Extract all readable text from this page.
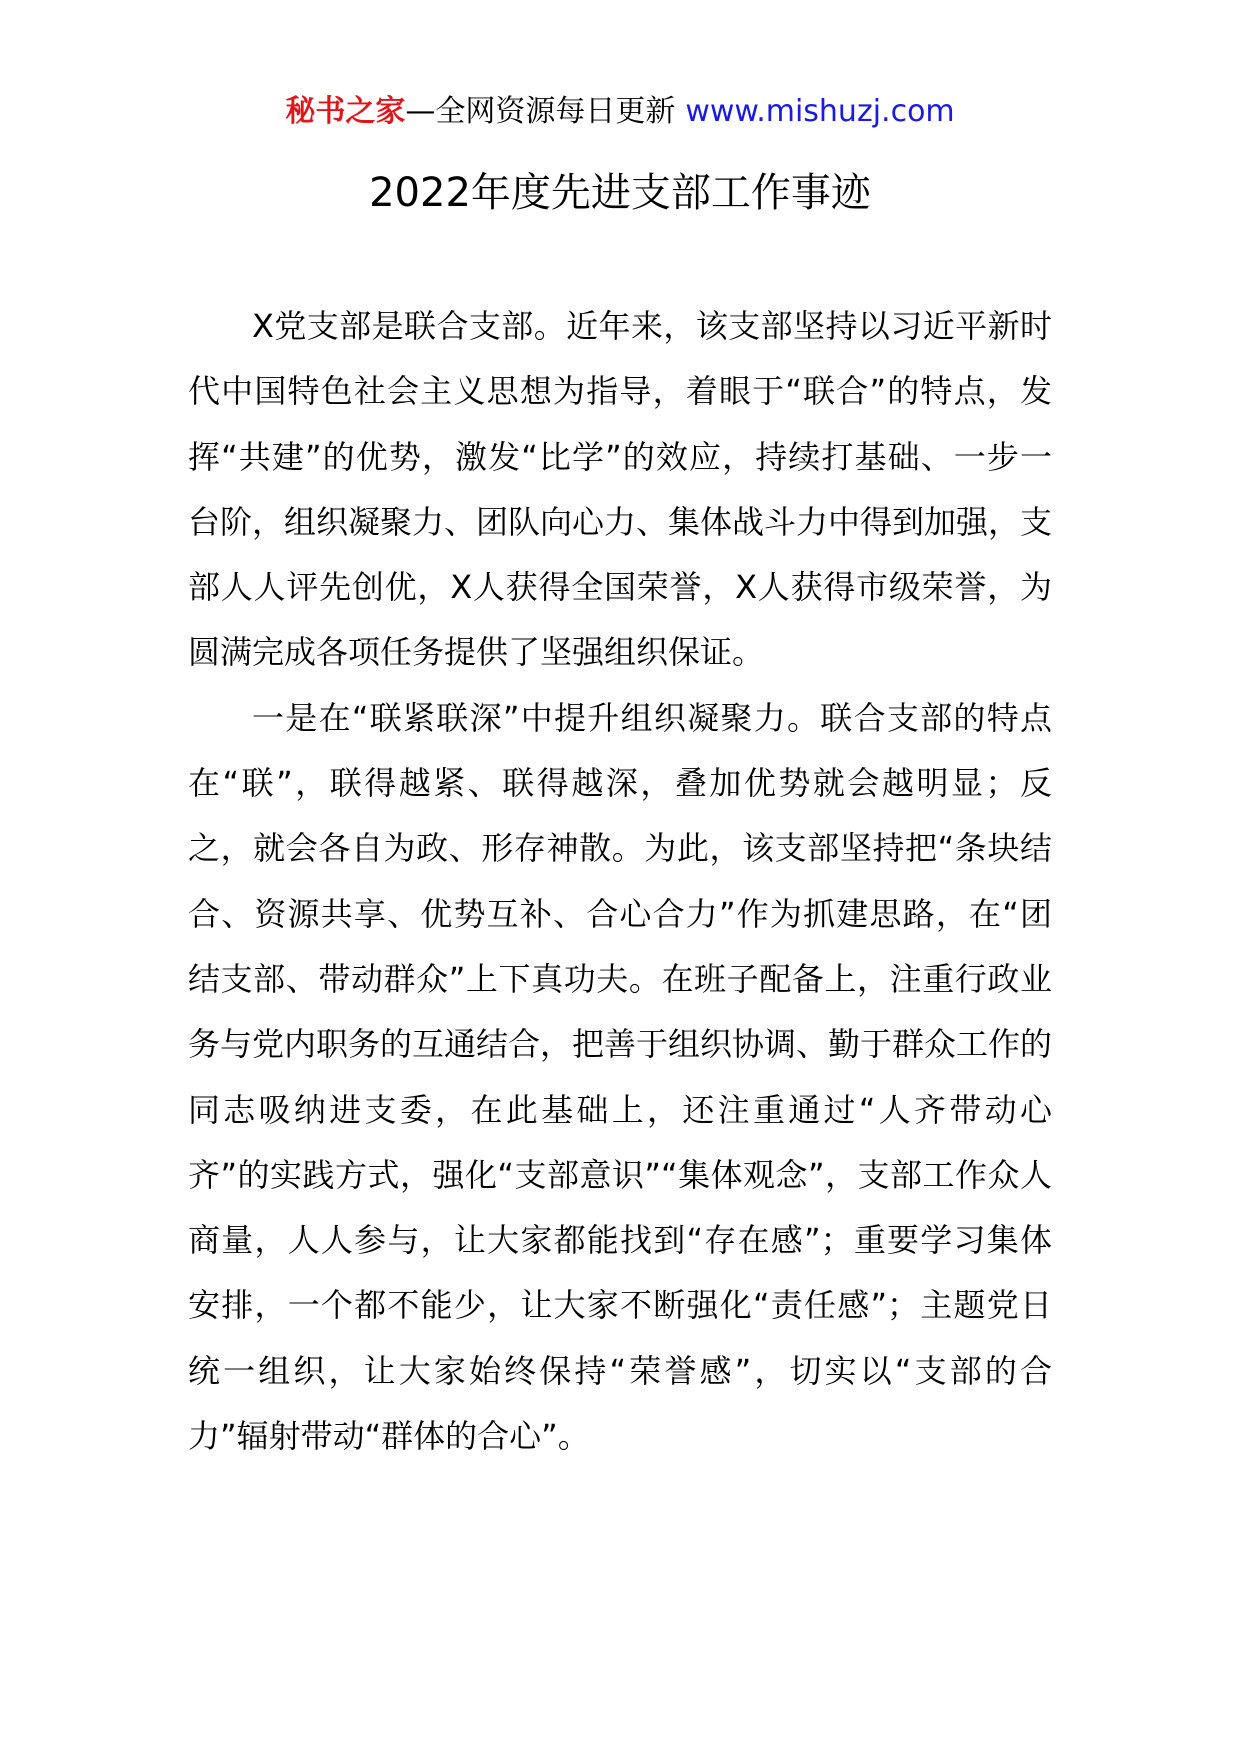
秘书之家—全网资源每日更新 www.mishuzj.com
2022年度先进支部工作事迹

X党支部是联合支部。近年来，该支部坚持以习近平新时代中国特色社会主义思想为指导，着眼于“联合”的特点，发挥“共建”的优势，激发“比学”的效应，持续打基础、一步一台阶，组织凝聚力、团队向心力、集体战斗力中得到加强，支部人人评先创优，X人获得全国荣誉，X人获得市级荣誉，为圆满完成各项任务提供了坚强组织保证。

一是在“联紧联深”中提升组织凝聚力。联合支部的特点在“联”，联得越紧、联得越深，叠加优势就会越明显；反之，就会各自为政、形存神散。为此，该支部坚持把“条块结合、资源共享、优势互补、合心合力”作为抓建思路，在“团结支部、带动群众”上下真功夫。在班子配备上，注重行政业务与党内职务的互通结合，把善于组织协调、勤于群众工作的同志吸纳进支委，在此基础上，还注重通过“人齐带动心齐”的实践方式，强化“支部意识”“集体观念”，支部工作众人商量，人人参与，让大家都能找到“存在感”；重要学习集体安排，一个都不能少，让大家不断强化“责任感”；主题党日统一组织，让大家始终保持“荣誉感”，切实以“支部的合力”辐射带动“群体的合心”。
